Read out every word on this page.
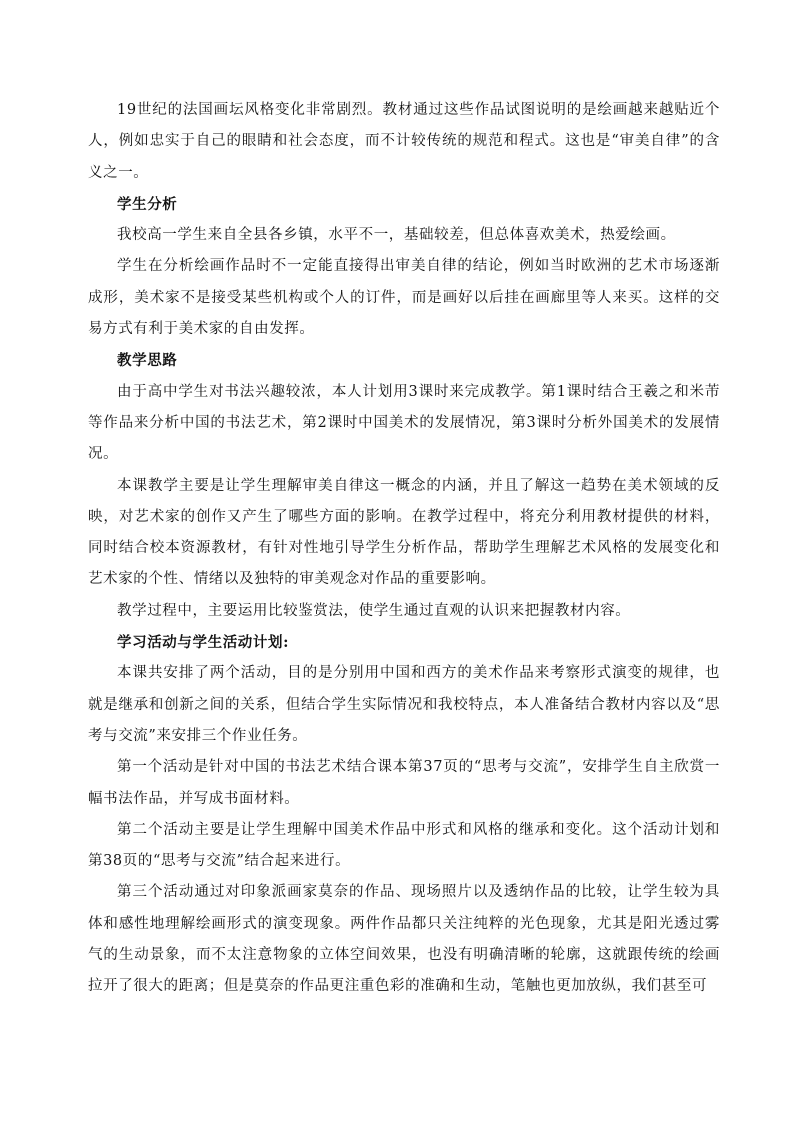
19世纪的法国画坛风格变化非常剧烈。教材通过这些作品试图说明的是绘画越来越贴近个人，例如忠实于自己的眼睛和社会态度，而不计较传统的规范和程式。这也是“审美自律”的含义之一。

学生分析

我校高一学生来自全县各乡镇，水平不一，基础较差，但总体喜欢美术，热爱绘画。

学生在分析绘画作品时不一定能直接得出审美自律的结论，例如当时欧洲的艺术市场逐渐成形，美术家不是接受某些机构或个人的订件，而是画好以后挂在画廊里等人来买。这样的交易方式有利于美术家的自由发挥。

教学思路

由于高中学生对书法兴趣较浓，本人计划用3课时来完成教学。第1课时结合王羲之和米芾等作品来分析中国的书法艺术，第2课时中国美术的发展情况，第3课时分析外国美术的发展情况。

本课教学主要是让学生理解审美自律这一概念的内涵，并且了解这一趋势在美术领域的反映，对艺术家的创作又产生了哪些方面的影响。在教学过程中，将充分利用教材提供的材料，同时结合校本资源教材，有针对性地引导学生分析作品，帮助学生理解艺术风格的发展变化和艺术家的个性、情绪以及独特的审美观念对作品的重要影响。

教学过程中，主要运用比较鉴赏法，使学生通过直观的认识来把握教材内容。

学习活动与学生活动计划:

本课共安排了两个活动，目的是分别用中国和西方的美术作品来考察形式演变的规律，也就是继承和创新之间的关系，但结合学生实际情况和我校特点，本人准备结合教材内容以及“思考与交流”来安排三个作业任务。

第一个活动是针对中国的书法艺术结合课本第37页的“思考与交流”，安排学生自主欣赏一幅书法作品，并写成书面材料。

第二个活动主要是让学生理解中国美术作品中形式和风格的继承和变化。这个活动计划和第38页的“思考与交流”结合起来进行。

第三个活动通过对印象派画家莫奈的作品、现场照片以及透纳作品的比较，让学生较为具体和感性地理解绘画形式的演变现象。两件作品都只关注纯粹的光色现象，尤其是阳光透过雾气的生动景象，而不太注意物象的立体空间效果，也没有明确清晰的轮廓，这就跟传统的绘画拉开了很大的距离；但是莫奈的作品更注重色彩的准确和生动，笔触也更加放纵，我们甚至可
